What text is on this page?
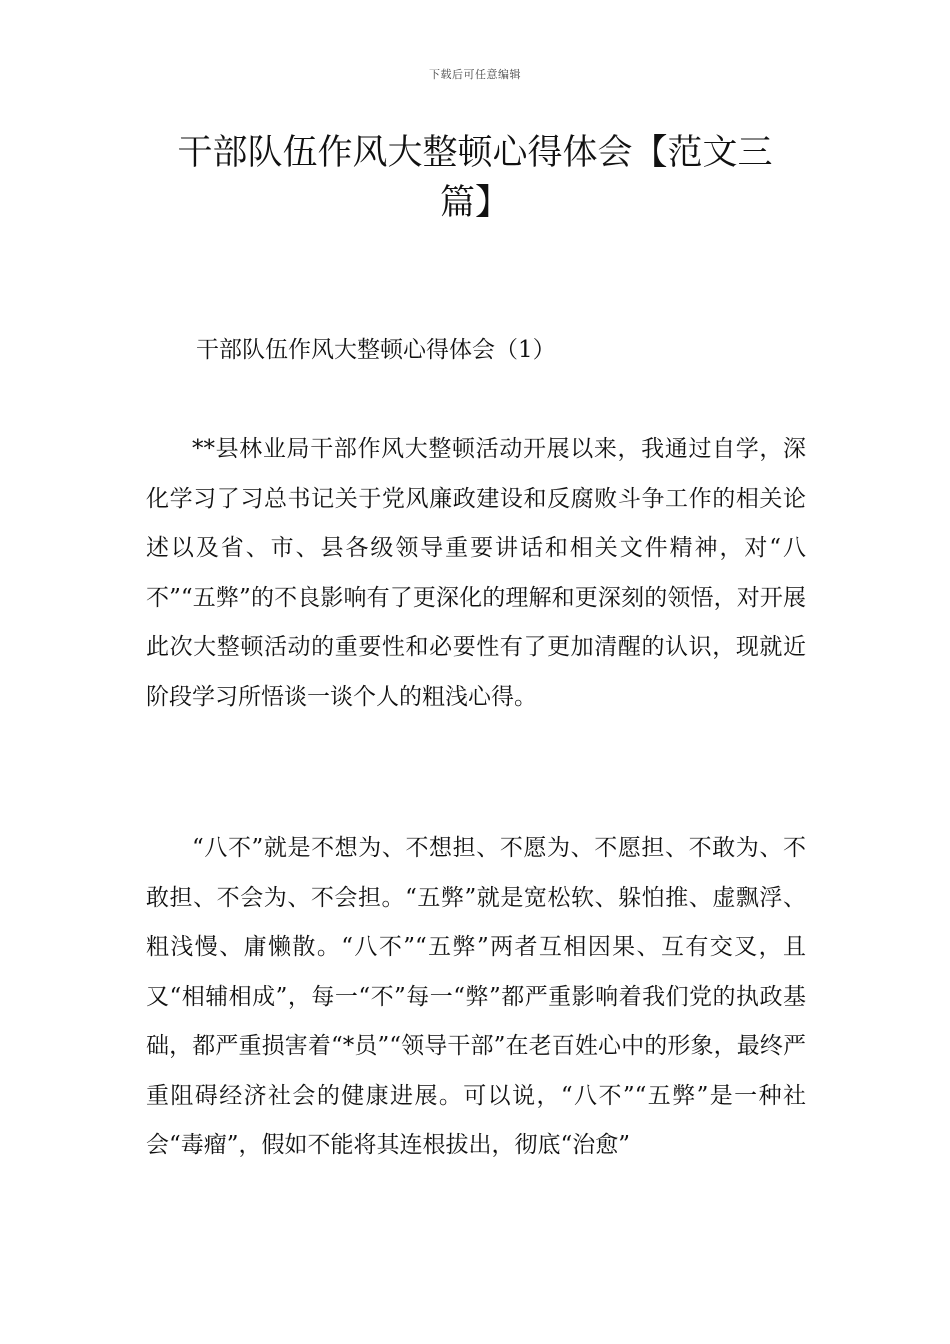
下载后可任意编辑
干部队伍作风大整顿心得体会【范文三篇】
干部队伍作风大整顿心得体会（1）

**县林业局干部作风大整顿活动开展以来，我通过自学，深化学习了习总书记关于党风廉政建设和反腐败斗争工作的相关论述以及省、市、县各级领导重要讲话和相关文件精神，对“八不”“五弊”的不良影响有了更深化的理解和更深刻的领悟，对开展此次大整顿活动的重要性和必要性有了更加清醒的认识，现就近阶段学习所悟谈一谈个人的粗浅心得。

“八不”就是不想为、不想担、不愿为、不愿担、不敢为、不敢担、不会为、不会担。“五弊”就是宽松软、躲怕推、虚飘浮、粗浅慢、庸懒散。“八不”“五弊”两者互相因果、互有交叉，且又“相辅相成”，每一“不”每一“弊”都严重影响着我们党的执政基础，都严重损害着“*员”“领导干部”在老百姓心中的形象，最终严重阻碍经济社会的健康进展。可以说，“八不”“五弊”是一种社会“毒瘤”，假如不能将其连根拔出，彻底“治愈”
